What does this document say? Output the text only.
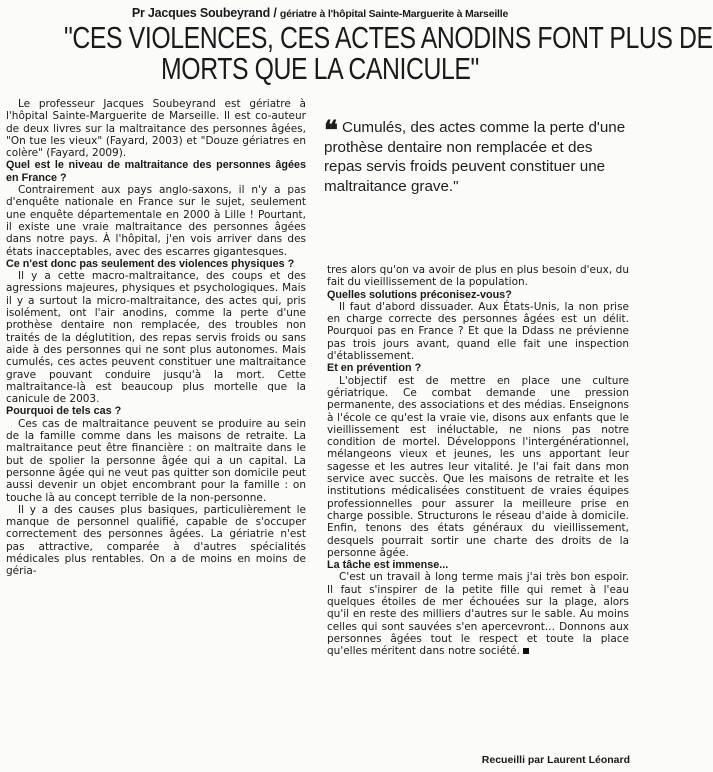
Pr Jacques Soubeyrand / gériatre à l'hôpital Sainte-Marguerite à Marseille
"CES VIOLENCES, CES ACTES ANODINS FONT PLUS DE
MORTS QUE LA CANICULE"

Le professeur Jacques Soubeyrand est gériatre à l'hôpital Sainte-Marguerite de Marseille. Il est co-auteur de deux livres sur la maltraitance des personnes âgées, "On tue les vieux" (Fayard, 2003) et "Douze gériatres en colère" (Fayard, 2009).

Quel est le niveau de maltraitance des personnes âgées en France ?

Contrairement aux pays anglo-saxons, il n'y a pas d'enquête nationale en France sur le sujet, seulement une enquête départementale en 2000 à Lille ! Pourtant, il existe une vraie maltraitance des personnes âgées dans notre pays. À l'hôpital, j'en vois arriver dans des états inacceptables, avec des escarres gigantesques.

Ce n'est donc pas seulement des violences physiques ?

Il y a cette macro-maltraitance, des coups et des agressions majeures, physiques et psychologiques. Mais il y a surtout la micro-maltraitance, des actes qui, pris isolément, ont l'air anodins, comme la perte d'une prothèse dentaire non remplacée, des troubles non traités de la déglutition, des repas servis froids ou sans aide à des personnes qui ne sont plus autonomes. Mais cumulés, ces actes peuvent constituer une maltraitance grave pouvant conduire jusqu'à la mort. Cette maltraitance-là est beaucoup plus mortelle que la canicule de 2003.

Pourquoi de tels cas ?

Ces cas de maltraitance peuvent se produire au sein de la famille comme dans les maisons de retraite. La maltraitance peut être financière : on maltraite dans le but de spolier la personne âgée qui a un capital. La personne âgée qui ne veut pas quitter son domicile peut aussi devenir un objet encombrant pour la famille : on touche là au concept terrible de la non-personne.

Il y a des causes plus basiques, particulièrement le manque de personnel qualifié, capable de s'occuper correctement des personnes âgées. La gériatrie n'est pas attractive, comparée à d'autres spécialités médicales plus rentables. On a de moins en moins de géria-

❝ Cumulés, des actes comme la perte d'une prothèse dentaire non remplacée et des repas servis froids peuvent constituer une maltraitance grave."

tres alors qu'on va avoir de plus en plus besoin d'eux, du fait du vieillissement de la population.

Quelles solutions préconisez-vous?

Il faut d'abord dissuader. Aux États-Unis, la non prise en charge correcte des personnes âgées est un délit. Pourquoi pas en France ? Et que la Ddass ne prévienne pas trois jours avant, quand elle fait une inspection d'établissement.

Et en prévention ?

L'objectif est de mettre en place une culture gériatrique. Ce combat demande une pression permanente, des associations et des médias. Enseignons à l'école ce qu'est la vraie vie, disons aux enfants que le vieillissement est inéluctable, ne nions pas notre condition de mortel. Développons l'intergénérationnel, mélangeons vieux et jeunes, les uns apportant leur sagesse et les autres leur vitalité. Je l'ai fait dans mon service avec succès. Que les maisons de retraite et les institutions médicalisées constituent de vraies équipes professionnelles pour assurer la meilleure prise en charge possible. Structurons le réseau d'aide à domicile. Enfin, tenons des états généraux du vieillissement, desquels pourrait sortir une charte des droits de la personne âgée.

La tâche est immense...

C'est un travail à long terme mais j'ai très bon espoir. Il faut s'inspirer de la petite fille qui remet à l'eau quelques étoiles de mer échouées sur la plage, alors qu'il en reste des milliers d'autres sur le sable. Au moins celles qui sont sauvées s'en apercevront... Donnons aux personnes âgées tout le respect et toute la place qu'elles méritent dans notre société.

Recueilli par Laurent Léonard
